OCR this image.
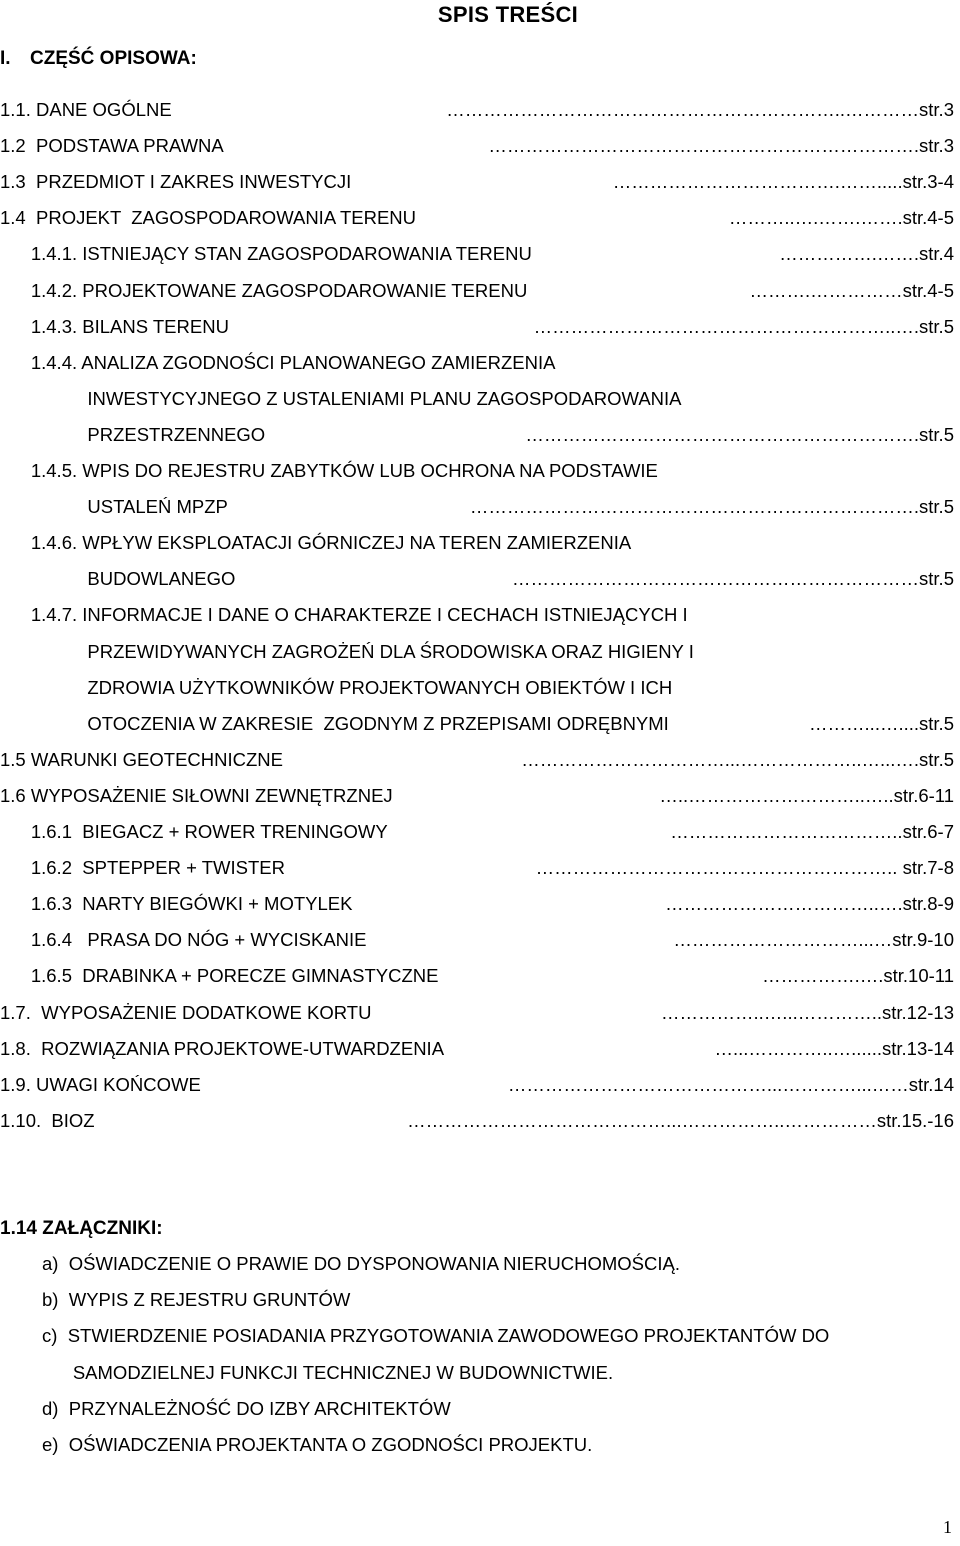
SPIS TREŚCI
I. CZĘŚĆ OPISOWA:
1.1. DANE OGÓLNE	………………………………………………………..…………str.3
1.2  PODSTAWA PRAWNA	…………………………………………………………….str.3
1.3  PRZEDMIOT I ZAKRES INWESTYCJI	……………………………….…….....str.3-4
1.4  PROJEKT  ZAGOSPODAROWANIA TERENU	………..….…….…….str.4-5
1.4.1. ISTNIEJĄCY STAN ZAGOSPODAROWANIA TERENU	…………….…….str.4
1.4.2. PROJEKTOWANE ZAGOSPODAROWANIE TERENU	……….……………str.4-5
1.4.3. BILANS TERENU	…………………………………………………..….str.5
1.4.4. ANALIZA ZGODNOŚCI PLANOWANEGO ZAMIERZENIA
INWESTYCYJNEGO Z USTALENIAMI PLANU ZAGOSPODAROWANIA
PRZESTRZENNEGO	……………………………………………………….str.5
1.4.5. WPIS DO REJESTRU ZABYTKÓW LUB OCHRONA NA PODSTAWIE
USTALEŃ MPZP	……………………………………………………………….str.5
1.4.6. WPŁYW EKSPLOATACJI GÓRNICZEJ NA TEREN ZAMIERZENIA
BUDOWLANEGO	…………………………………………………………str.5
1.4.7. INFORMACJE I DANE O CHARAKTERZE I CECHACH ISTNIEJĄCYCH I
PRZEWIDYWANYCH ZAGROŻEŃ DLA ŚRODOWISKA ORAZ HIGIENY I
ZDROWIA UŻYTKOWNIKÓW PROJEKTOWANYCH OBIEKTÓW I ICH
OTOCZENIA W ZAKRESIE  ZGODNYM Z PRZEPISAMI ODRĘBNYMI	………...…....str.5
1.5 WARUNKI GEOTECHNICZNE	……………………………...………………..…...….str.5
1.6 WYPOSAŻENIE SIŁOWNI ZEWNĘTRZNEJ	…..………………………..…..str.6-11
1.6.1  BIEGACZ + ROWER TRENINGOWY	………………………………..str.6-7
1.6.2  SPTEPPER + TWISTER	………………………………………………….. str.7-8
1.6.3  NARTY BIEGÓWKI + MOTYLEK	……………………………..….str.8-9
1.6.4   PRASA DO NÓG + WYCISKANIE	…………………………...…str.9-10
1.6.5  DRABINKA + PORECZE GIMNASTYCZNE	…………….….str.10-11
1.7.  WYPOSAŻENIE DODATKOWE KORTU	……………..…...…………..str.12-13
1.8.  ROZWIĄZANIA PROJEKTOWE-UTWARDZENIA	…...…………..…......str.13-14
1.9. UWAGI KOŃCOWE	……………………………………...…………...……str.14
1.10.  BIOZ	……………………………………...……………..……………str.15.-16
1.14 ZAŁĄCZNIKI:
a)  OŚWIADCZENIE O PRAWIE DO DYSPONOWANIA NIERUCHOMOŚCIĄ.
b)  WYPIS Z REJESTRU GRUNTÓW
c)  STWIERDZENIE POSIADANIA PRZYGOTOWANIA ZAWODOWEGO PROJEKTANTÓW DO
SAMODZIELNEJ FUNKCJI TECHNICZNEJ W BUDOWNICTWIE.
d)  PRZYNALEŻNOŚĆ DO IZBY ARCHITEKTÓW
e)  OŚWIADCZENIA PROJEKTANTA O ZGODNOŚCI PROJEKTU.
1
